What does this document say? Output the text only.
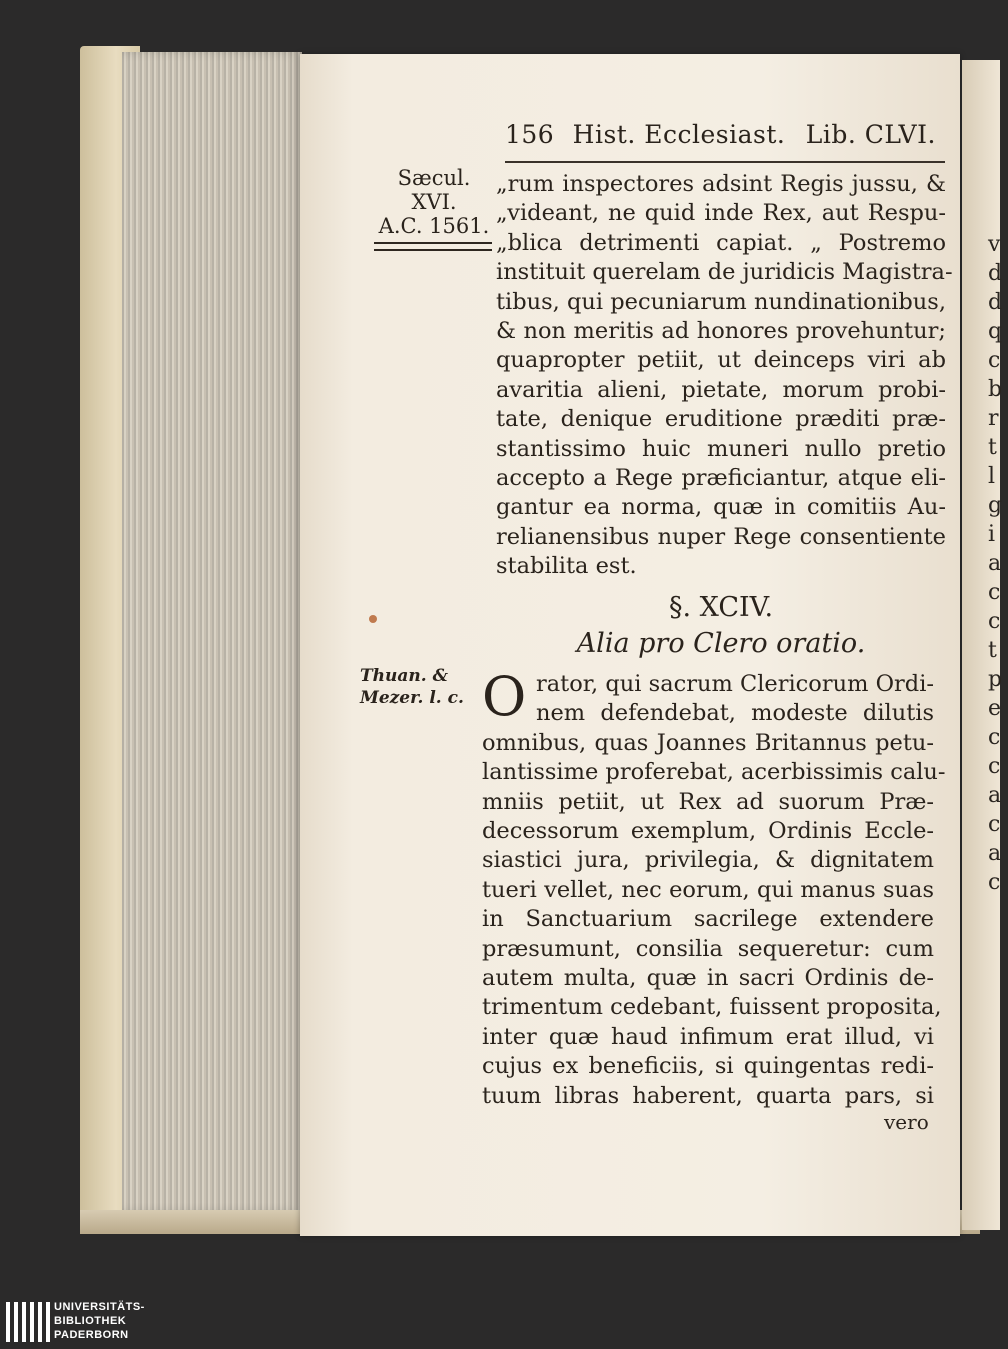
v
d
d
q
c
b
r
t
l
g
i
a
c
c
t
p
e
c
c
a
c
a
c
156 Hist. Ecclesiast. Lib. CLVI.
Sæcul. XVI.
A.C. 1561.
„rum inspectores adsint Regis jussu, &
„videant, ne quid inde Rex, aut Respu-
„blica detrimenti capiat. „ Postremo
instituit querelam de juridicis Magistra-
tibus, qui pecuniarum nundinationibus,
& non meritis ad honores provehuntur;
quapropter petiit, ut deinceps viri ab
avaritia alieni, pietate, morum probi-
tate, denique eruditione præditi præ-
stantissimo huic muneri nullo pretio
accepto a Rege præficiantur, atque eli-
gantur ea norma, quæ in comitiis Au-
relianensibus nuper Rege consentiente
stabilita est.
§. XCIV.
Alia pro Clero oratio.
Thuan. &
Mezer. l. c. O rator, qui sacrum Clericorum Ordi-
nem defendebat, modeste dilutis
omnibus, quas Joannes Britannus petu-
lantissime proferebat, acerbissimis calu-
mniis petiit, ut Rex ad suorum Præ-
decessorum exemplum, Ordinis Eccle-
siastici jura, privilegia, & dignitatem
tueri vellet, nec eorum, qui manus suas
in Sanctuarium sacrilege extendere
præsumunt, consilia sequeretur: cum
autem multa, quæ in sacri Ordinis de-
trimentum cedebant, fuissent proposita,
inter quæ haud infimum erat illud, vi
cujus ex beneficiis, si quingentas redi-
tuum libras haberent, quarta pars, si
vero
UNIVERSITÄTS-
BIBLIOTHEK
PADERBORN
